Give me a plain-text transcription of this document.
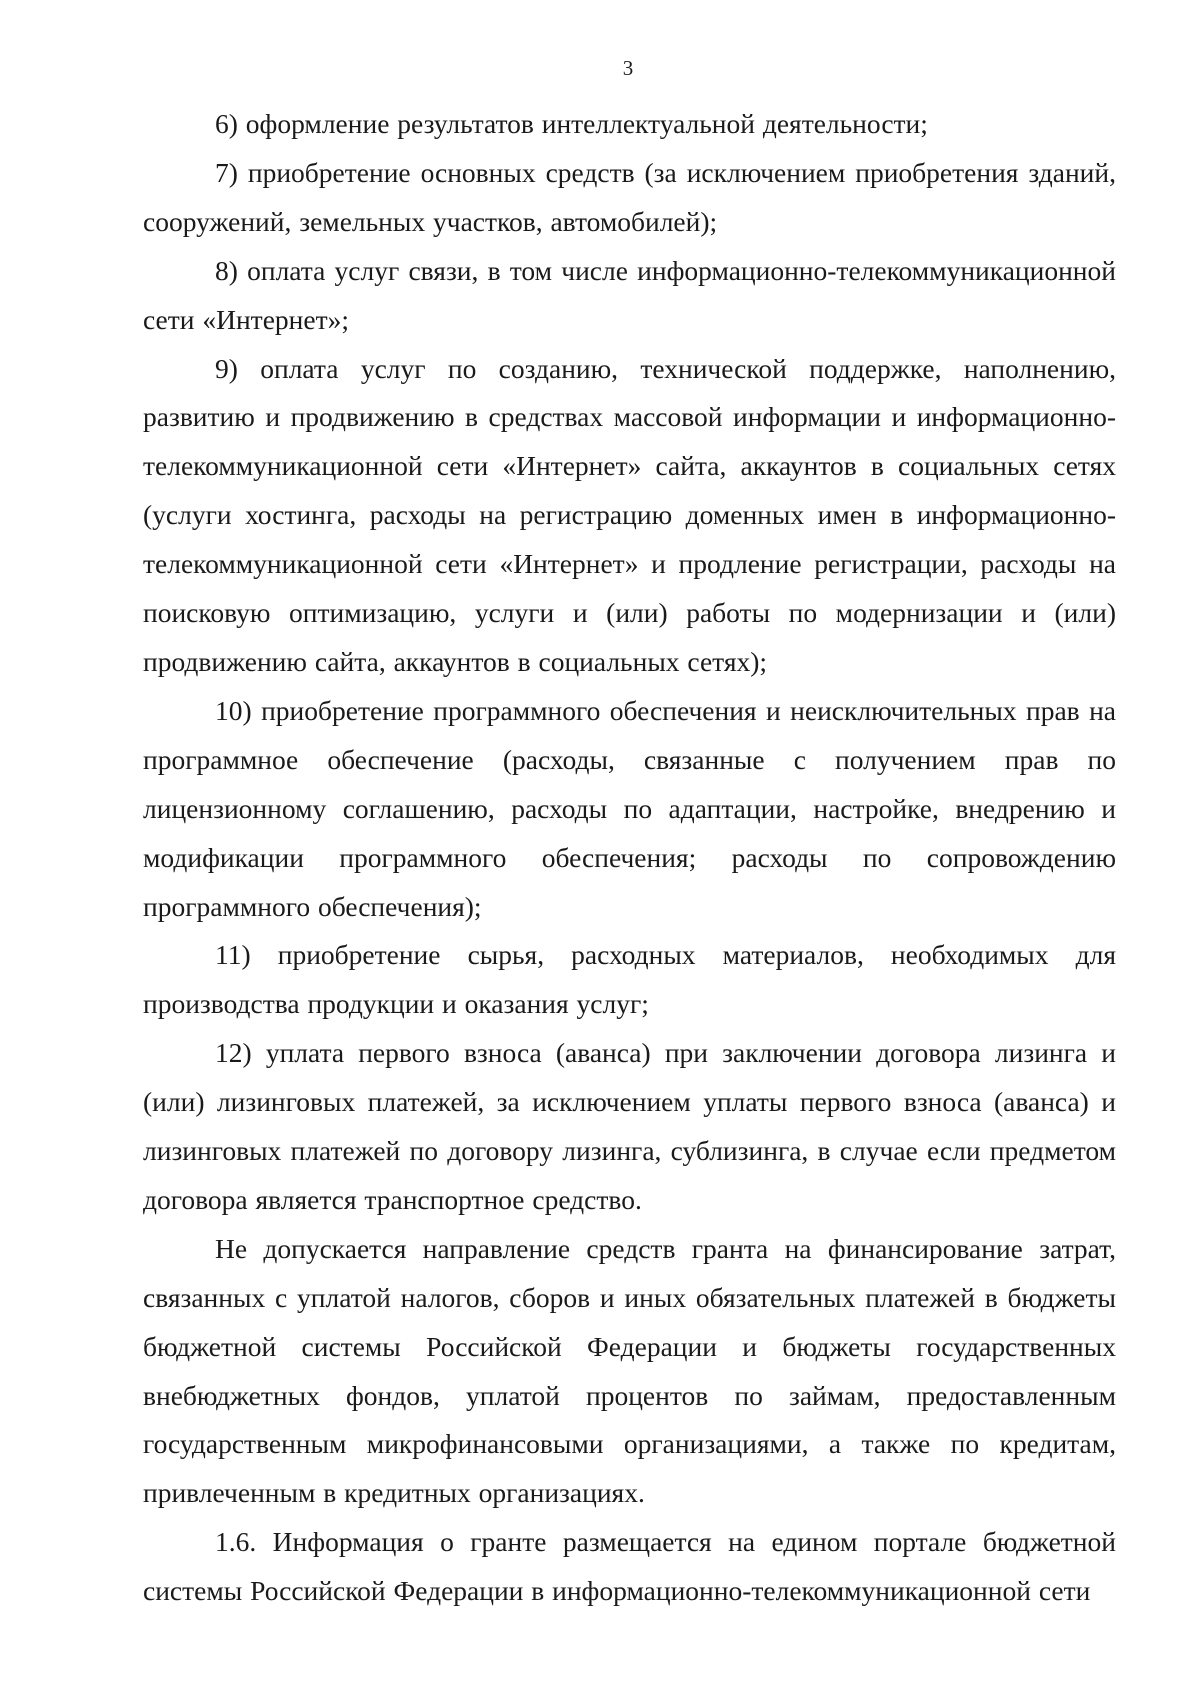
3

6) оформление результатов интеллектуальной деятельности;

7) приобретение основных средств (за исключением приобретения зданий, сооружений, земельных участков, автомобилей);

8) оплата услуг связи, в том числе информационно-телекоммуникационной сети «Интернет»;

9) оплата услуг по созданию, технической поддержке, наполнению, развитию и продвижению в средствах массовой информации и информационно-телекоммуникационной сети «Интернет» сайта, аккаунтов в социальных сетях (услуги хостинга, расходы на регистрацию доменных имен в информационно-телекоммуникационной сети «Интернет» и продление регистрации, расходы на поисковую оптимизацию, услуги и (или) работы по модернизации и (или) продвижению сайта, аккаунтов в социальных сетях);

10) приобретение программного обеспечения и неисключительных прав на программное обеспечение (расходы, связанные с получением прав по лицензионному соглашению, расходы по адаптации, настройке, внедрению и модификации программного обеспечения; расходы по сопровождению программного обеспечения);

11) приобретение сырья, расходных материалов, необходимых для производства продукции и оказания услуг;

12) уплата первого взноса (аванса) при заключении договора лизинга и (или) лизинговых платежей, за исключением уплаты первого взноса (аванса) и лизинговых платежей по договору лизинга, сублизинга, в случае если предметом договора является транспортное средство.

Не допускается направление средств гранта на финансирование затрат, связанных с уплатой налогов, сборов и иных обязательных платежей в бюджеты бюджетной системы Российской Федерации и бюджеты государственных внебюджетных фондов, уплатой процентов по займам, предоставленным государственным микрофинансовыми организациями, а также по кредитам, привлеченным в кредитных организациях.

1.6. Информация о гранте размещается на едином портале бюджетной системы Российской Федерации в информационно-телекоммуникационной сети
